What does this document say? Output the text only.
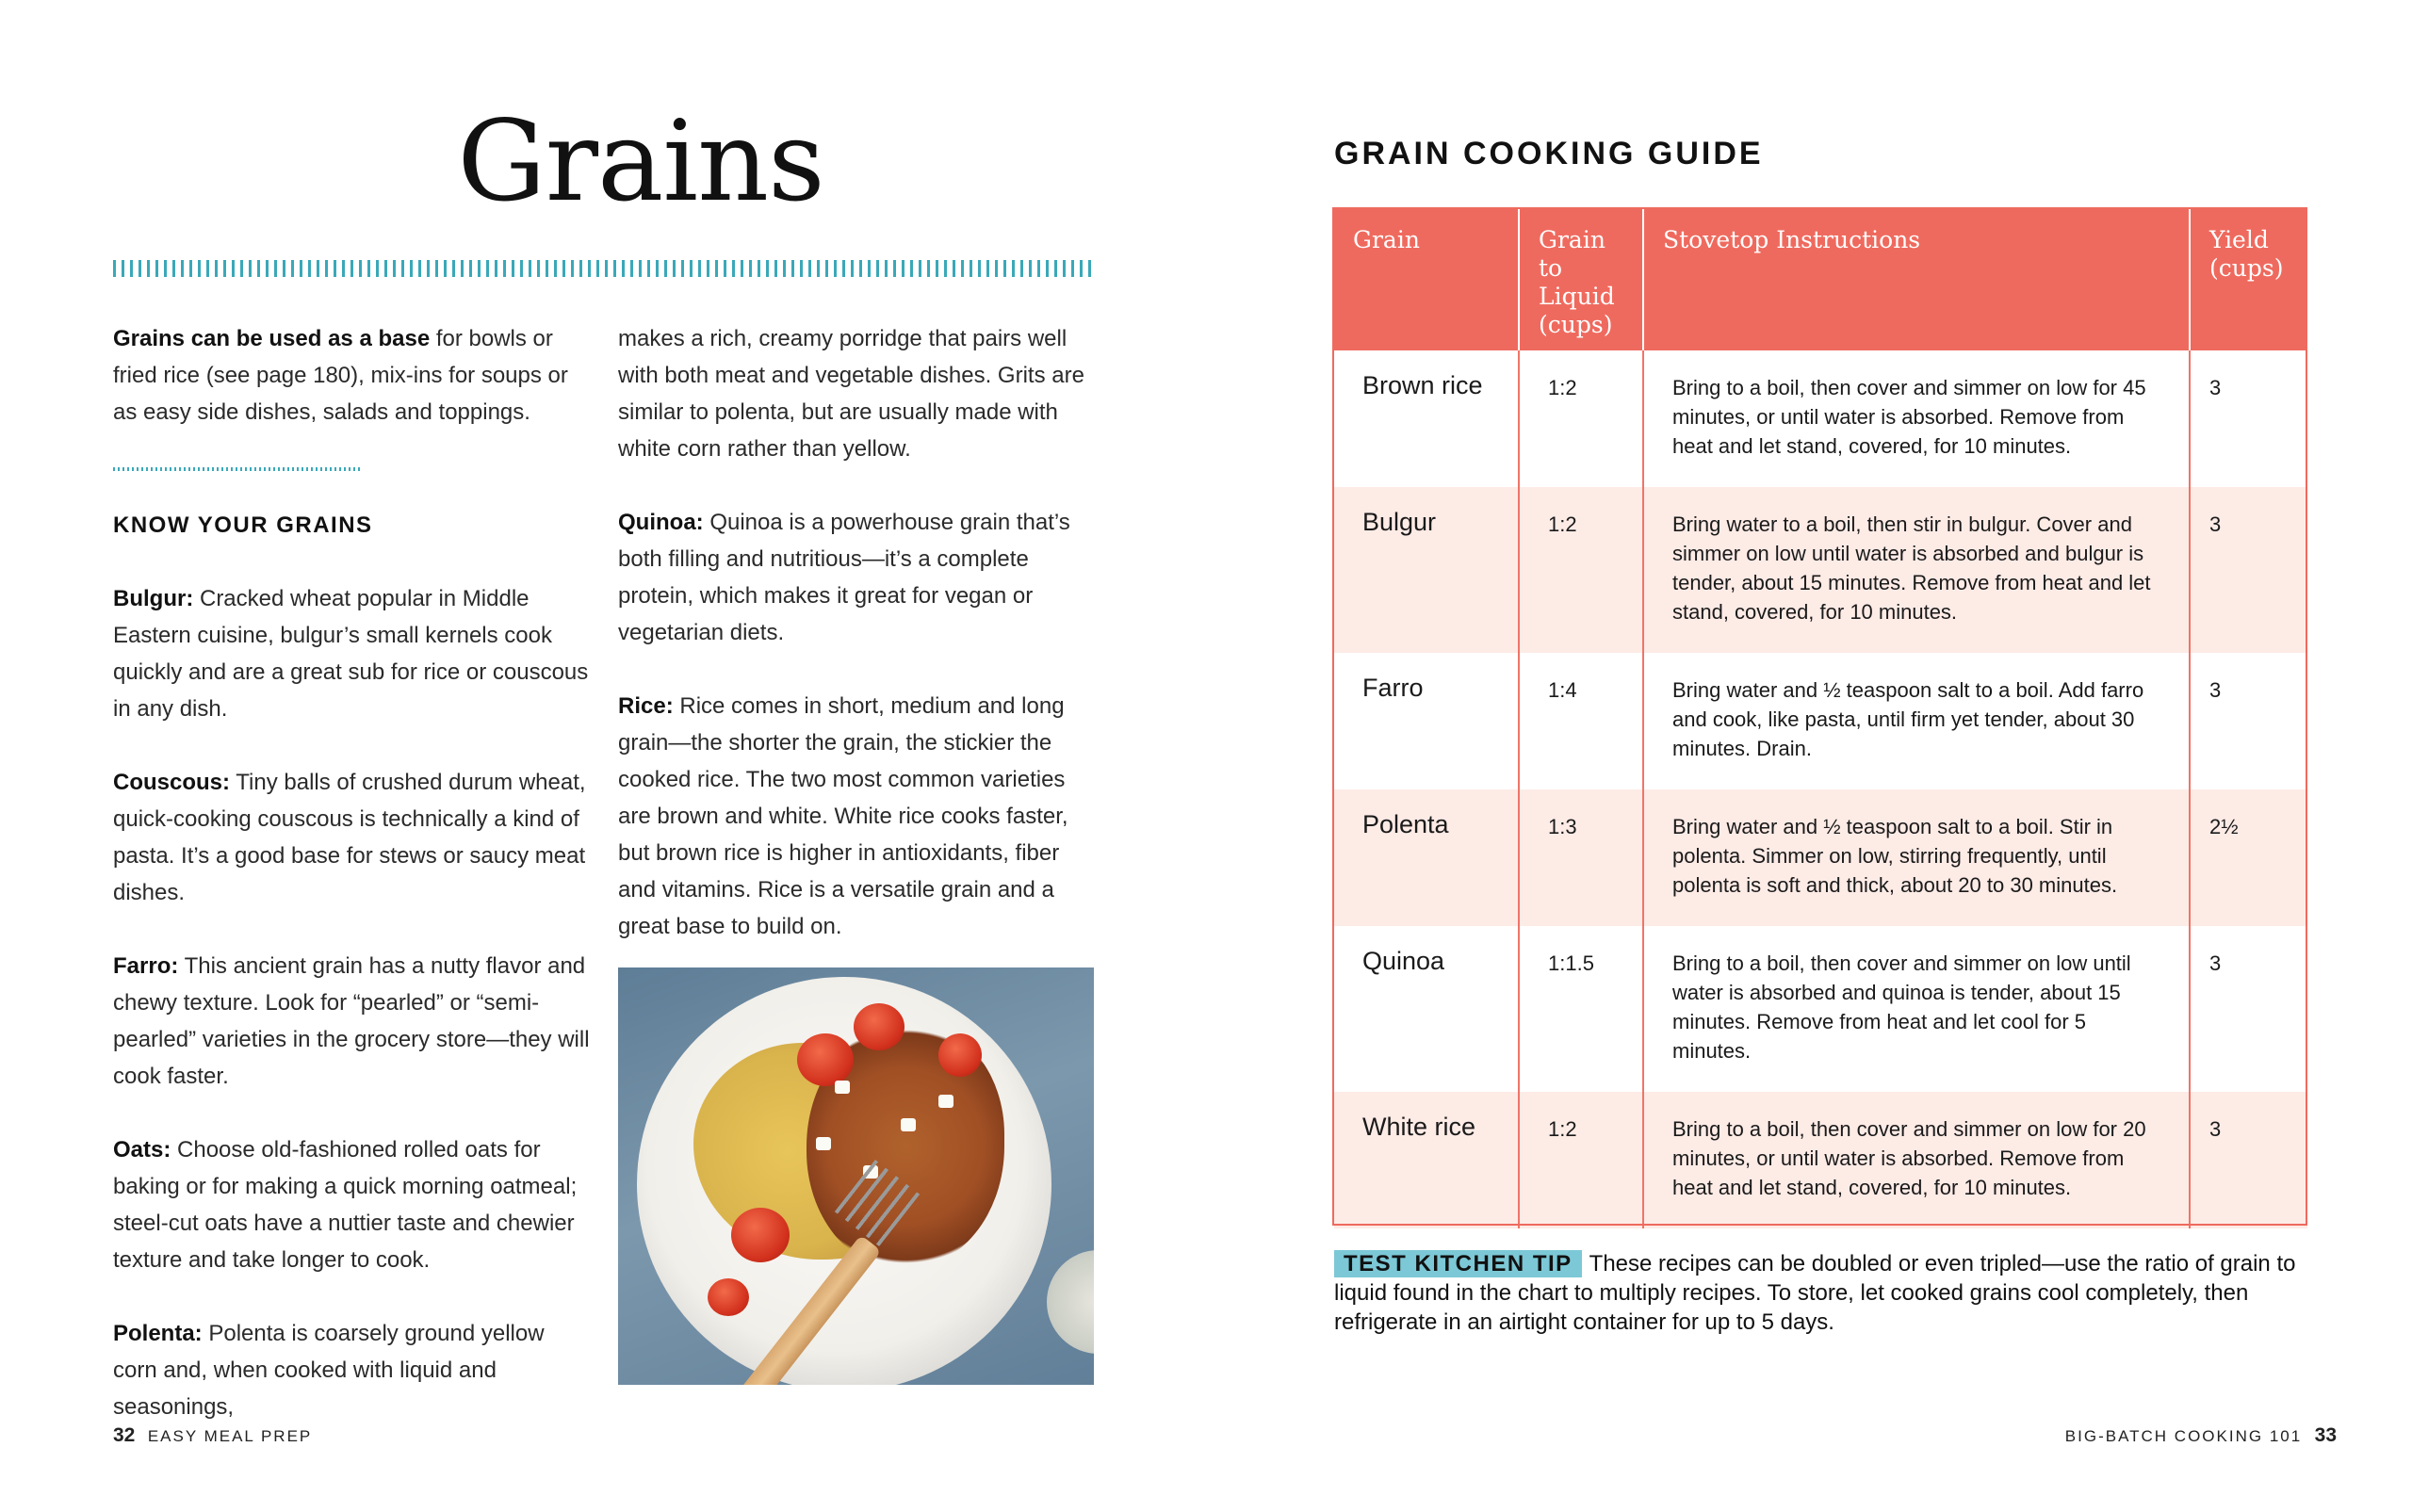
Grains

Grains can be used as a base for bowls or fried rice (see page 180), mix-ins for soups or as easy side dishes, salads and toppings.

KNOW YOUR GRAINS

Bulgur: Cracked wheat popular in Middle Eastern cuisine, bulgur’s small kernels cook quickly and are a great sub for rice or couscous in any dish.

Couscous: Tiny balls of crushed durum wheat, quick-cooking couscous is technically a kind of pasta. It’s a good base for stews or saucy meat dishes.

Farro: This ancient grain has a nutty flavor and chewy texture. Look for “pearled” or “semi-pearled” varieties in the grocery store—they will cook faster.

Oats: Choose old-fashioned rolled oats for baking or for making a quick morning oatmeal; steel-cut oats have a nuttier taste and chewier texture and take longer to cook.

Polenta: Polenta is coarsely ground yellow corn and, when cooked with liquid and seasonings,

makes a rich, creamy porridge that pairs well with both meat and vegetable dishes. Grits are similar to polenta, but are usually made with white corn rather than yellow.

Quinoa: Quinoa is a powerhouse grain that’s both filling and nutritious—it’s a complete protein, which makes it great for vegan or vegetarian diets.

Rice: Rice comes in short, medium and long grain—the shorter the grain, the stickier the cooked rice. The two most common varieties are brown and white. White rice cooks faster, but brown rice is higher in antioxidants, fiber and vitamins. Rice is a versatile grain and a great base to build on.

32 EASY MEAL PREP
GRAIN COOKING GUIDE
Grain	Grain to Liquid (cups)	Stovetop Instructions	Yield (cups)
Brown rice	1:2	Bring to a boil, then cover and simmer on low for 45 minutes, or until water is absorbed. Remove from heat and let stand, covered, for 10 minutes.	3
Bulgur	1:2	Bring water to a boil, then stir in bulgur. Cover and simmer on low until water is absorbed and bulgur is tender, about 15 minutes. Remove from heat and let stand, covered, for 10 minutes.	3
Farro	1:4	Bring water and ½ teaspoon salt to a boil. Add farro and cook, like pasta, until firm yet tender, about 30 minutes. Drain.	3
Polenta	1:3	Bring water and ½ teaspoon salt to a boil. Stir in polenta. Simmer on low, stirring frequently, until polenta is soft and thick, about 20 to 30 minutes.	2½
Quinoa	1:1.5	Bring to a boil, then cover and simmer on low until water is absorbed and quinoa is tender, about 15 minutes. Remove from heat and let cool for 5 minutes.	3
White rice	1:2	Bring to a boil, then cover and simmer on low for 20 minutes, or until water is absorbed. Remove from heat and let stand, covered, for 10 minutes.	3
TEST KITCHEN TIP These recipes can be doubled or even tripled—use the ratio of grain to liquid found in the chart to multiply recipes. To store, let cooked grains cool completely, then refrigerate in an airtight container for up to 5 days.
BIG-BATCH COOKING 101 33
